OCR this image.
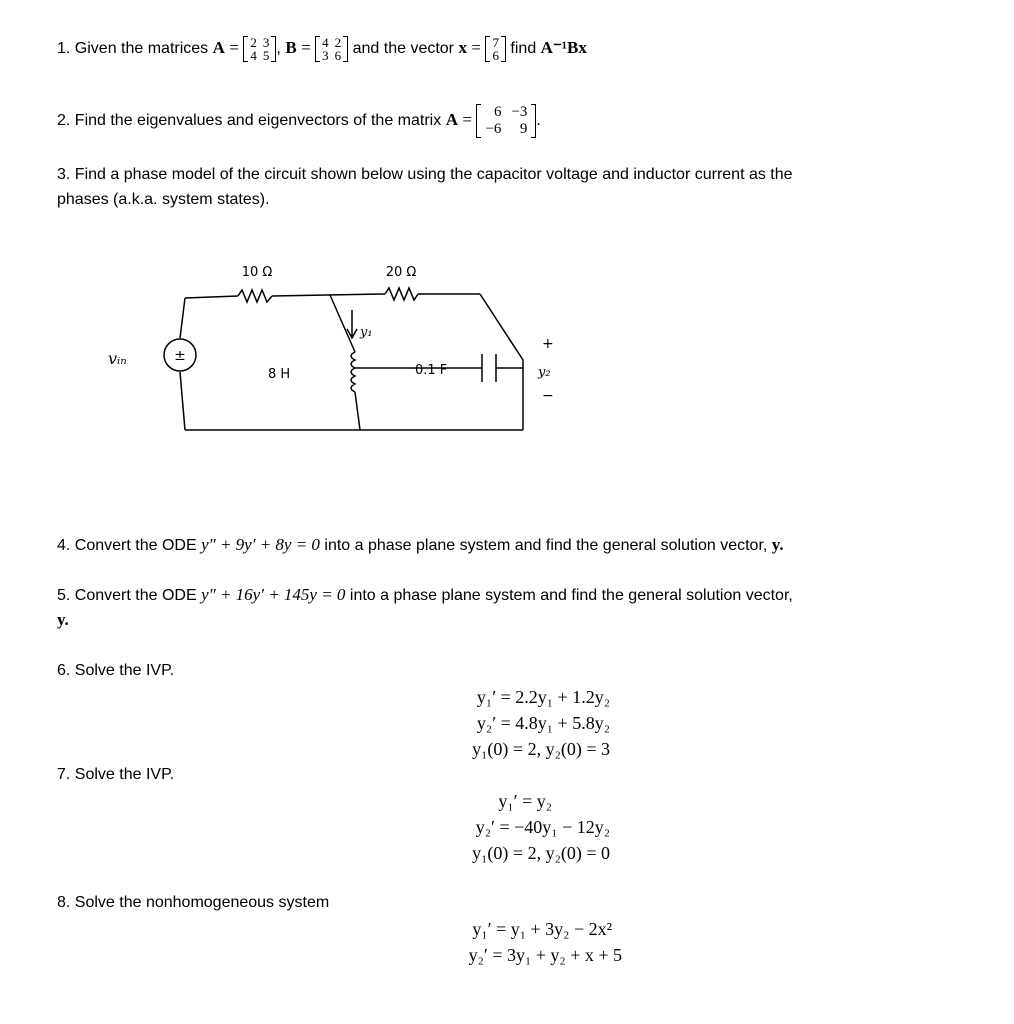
1. Given the matrices A = 2	3
4	5 , B = 4	2
3	6 and the vector x = 7
6 find A⁻¹Bx
2. Find the eigenvalues and eigenvectors of the matrix A = 6	−3
−6	9 .
3. Find a phase model of the circuit shown below using the capacitor voltage and inductor current as the
phases (a.k.a. system states).
±
10 Ω	20 Ω
vᵢₙ
8 H
y₁
0.1 F
+
y₂
−
4. Convert the ODE y″ + 9y′ + 8y = 0 into a phase plane system and find the general solution vector, y.
5. Convert the ODE y″ + 16y′ + 145y = 0 into a phase plane system and find the general solution vector,
y.
6. Solve the IVP.
y₁′ = 2.2y₁ + 1.2y₂
y₂′ = 4.8y₁ + 5.8y₂
y₁(0) = 2, y₂(0) = 3
7. Solve the IVP.
y₁′ = y₂
y₂′ = −40y₁ − 12y₂
y₁(0) = 2, y₂(0) = 0
8. Solve the nonhomogeneous system
y₁′ = y₁ + 3y₂ − 2x²
y₂′ = 3y₁ + y₂ + x + 5
